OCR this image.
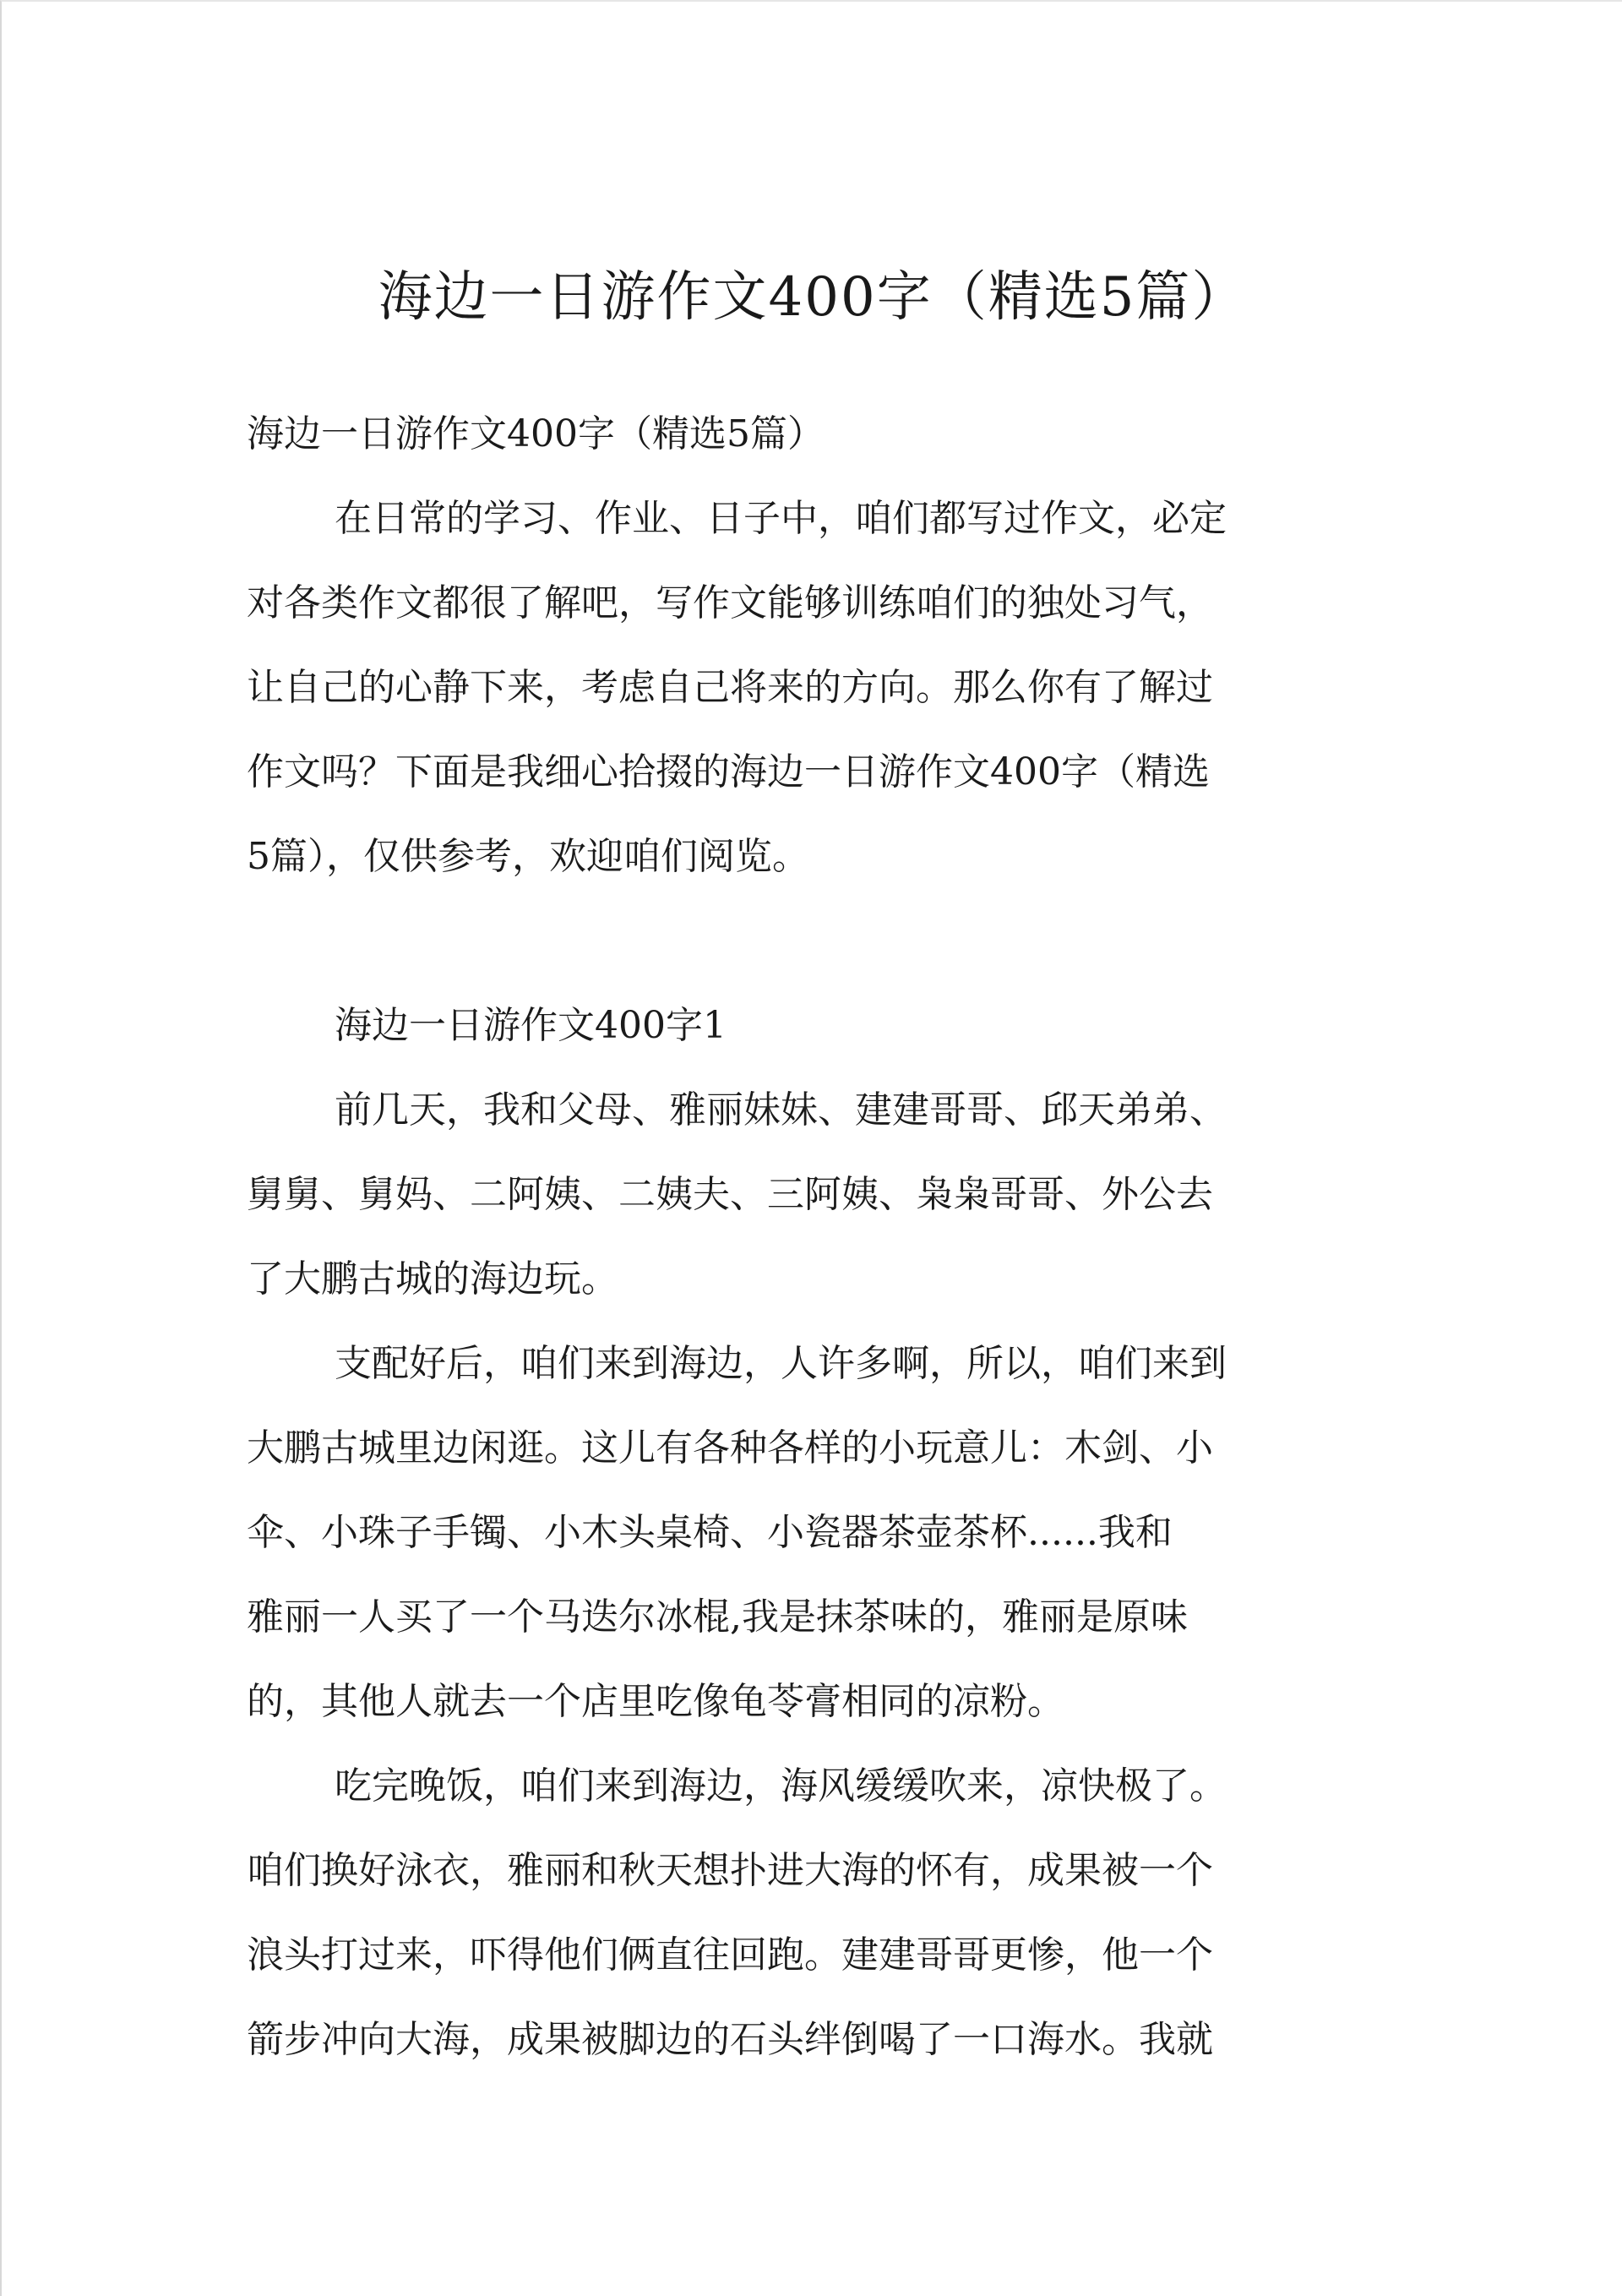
海边一日游作文400字（精选5篇）

海边一日游作文400字（精选5篇）

在日常的学习、作业、日子中，咱们都写过作文，必定

对各类作文都很了解吧，写作文能够训练咱们的独处习气，

让自己的心静下来，考虑自己将来的方向。那么你有了解过

作文吗？下面是我细心拾掇的海边一日游作文400字（精选

5篇），仅供参考，欢迎咱们阅览。

海边一日游作文400字1

前几天，我和父母、雅丽妹妹、建建哥哥、邱天弟弟、

舅舅、舅妈、二阿姨、二姨夫、三阿姨、枭枭哥哥、外公去

了大鹏古城的海边玩。

支配好后，咱们来到海边，人许多啊，所以，咱们来到

大鹏古城里边闲逛。这儿有各种各样的小玩意儿：木剑、小

伞、小珠子手镯、小木头桌椅、小瓷器茶壶茶杯......我和

雅丽一人买了一个马迭尔冰棍,我是抹茶味的，雅丽是原味

的，其他人就去一个店里吃像龟苓膏相同的凉粉。

吃完晚饭，咱们来到海边，海风缓缓吹来，凉快极了。

咱们换好泳衣，雅丽和秋天想扑进大海的怀有，成果被一个

浪头打过来，吓得他们俩直往回跑。建建哥哥更惨，他一个

箭步冲向大海，成果被脚边的石头绊倒喝了一口海水。我就
